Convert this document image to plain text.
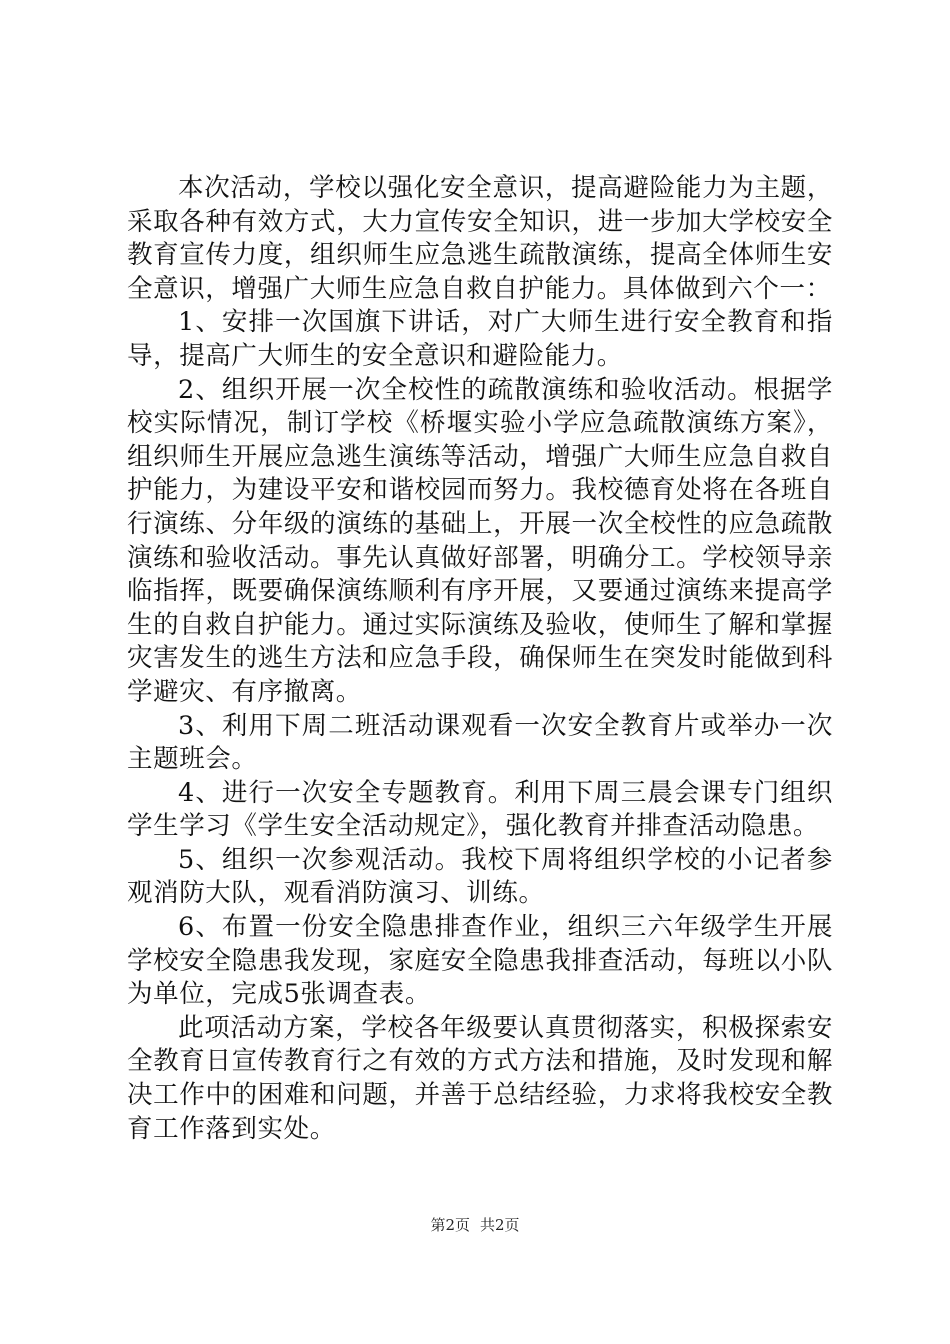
本次活动，学校以强化安全意识，提高避险能力为主题，采取各种有效方式，大力宣传安全知识，进一步加大学校安全教育宣传力度，组织师生应急逃生疏散演练，提高全体师生安全意识，增强广大师生应急自救自护能力。具体做到六个一：

1、安排一次国旗下讲话，对广大师生进行安全教育和指导，提高广大师生的安全意识和避险能力。

2、组织开展一次全校性的疏散演练和验收活动。根据学校实际情况，制订学校《桥堰实验小学应急疏散演练方案》，组织师生开展应急逃生演练等活动，增强广大师生应急自救自护能力，为建设平安和谐校园而努力。我校德育处将在各班自行演练、分年级的演练的基础上，开展一次全校性的应急疏散演练和验收活动。事先认真做好部署，明确分工。学校领导亲临指挥，既要确保演练顺利有序开展，又要通过演练来提高学生的自救自护能力。通过实际演练及验收，使师生了解和掌握灾害发生的逃生方法和应急手段，确保师生在突发时能做到科学避灾、有序撤离。

3、利用下周二班活动课观看一次安全教育片或举办一次主题班会。

4、进行一次安全专题教育。利用下周三晨会课专门组织学生学习《学生安全活动规定》，强化教育并排查活动隐患。

5、组织一次参观活动。我校下周将组织学校的小记者参观消防大队，观看消防演习、训练。

6、布置一份安全隐患排查作业，组织三六年级学生开展学校安全隐患我发现，家庭安全隐患我排查活动，每班以小队为单位，完成5张调查表。

此项活动方案，学校各年级要认真贯彻落实，积极探索安全教育日宣传教育行之有效的方式方法和措施，及时发现和解决工作中的困难和问题，并善于总结经验，力求将我校安全教育工作落到实处。

第2页 共2页
